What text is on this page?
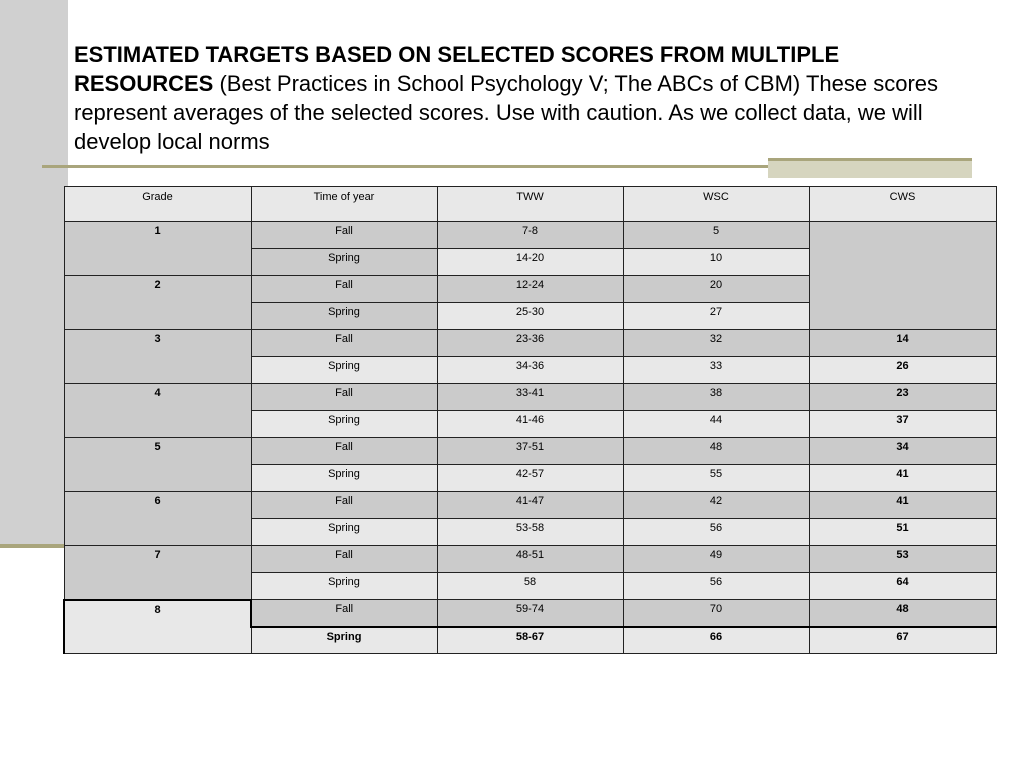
ESTIMATED TARGETS BASED ON SELECTED SCORES FROM MULTIPLE RESOURCES (Best Practices in School Psychology V; The ABCs of CBM) These scores represent averages of the selected scores. Use with caution. As we collect data, we will develop local norms
Grade	Time of year	TWW	WSC	CWS
1	Fall	7-8	5	
	Spring	14-20	10	
2	Fall	12-24	20	
	Spring	25-30	27	
3	Fall	23-36	32	14
	Spring	34-36	33	26
4	Fall	33-41	38	23
	Spring	41-46	44	37
5	Fall	37-51	48	34
	Spring	42-57	55	41
6	Fall	41-47	42	41
	Spring	53-58	56	51
7	Fall	48-51	49	53
	Spring	58	56	64
8	Fall	59-74	70	48
	Spring	58-67	66	67
